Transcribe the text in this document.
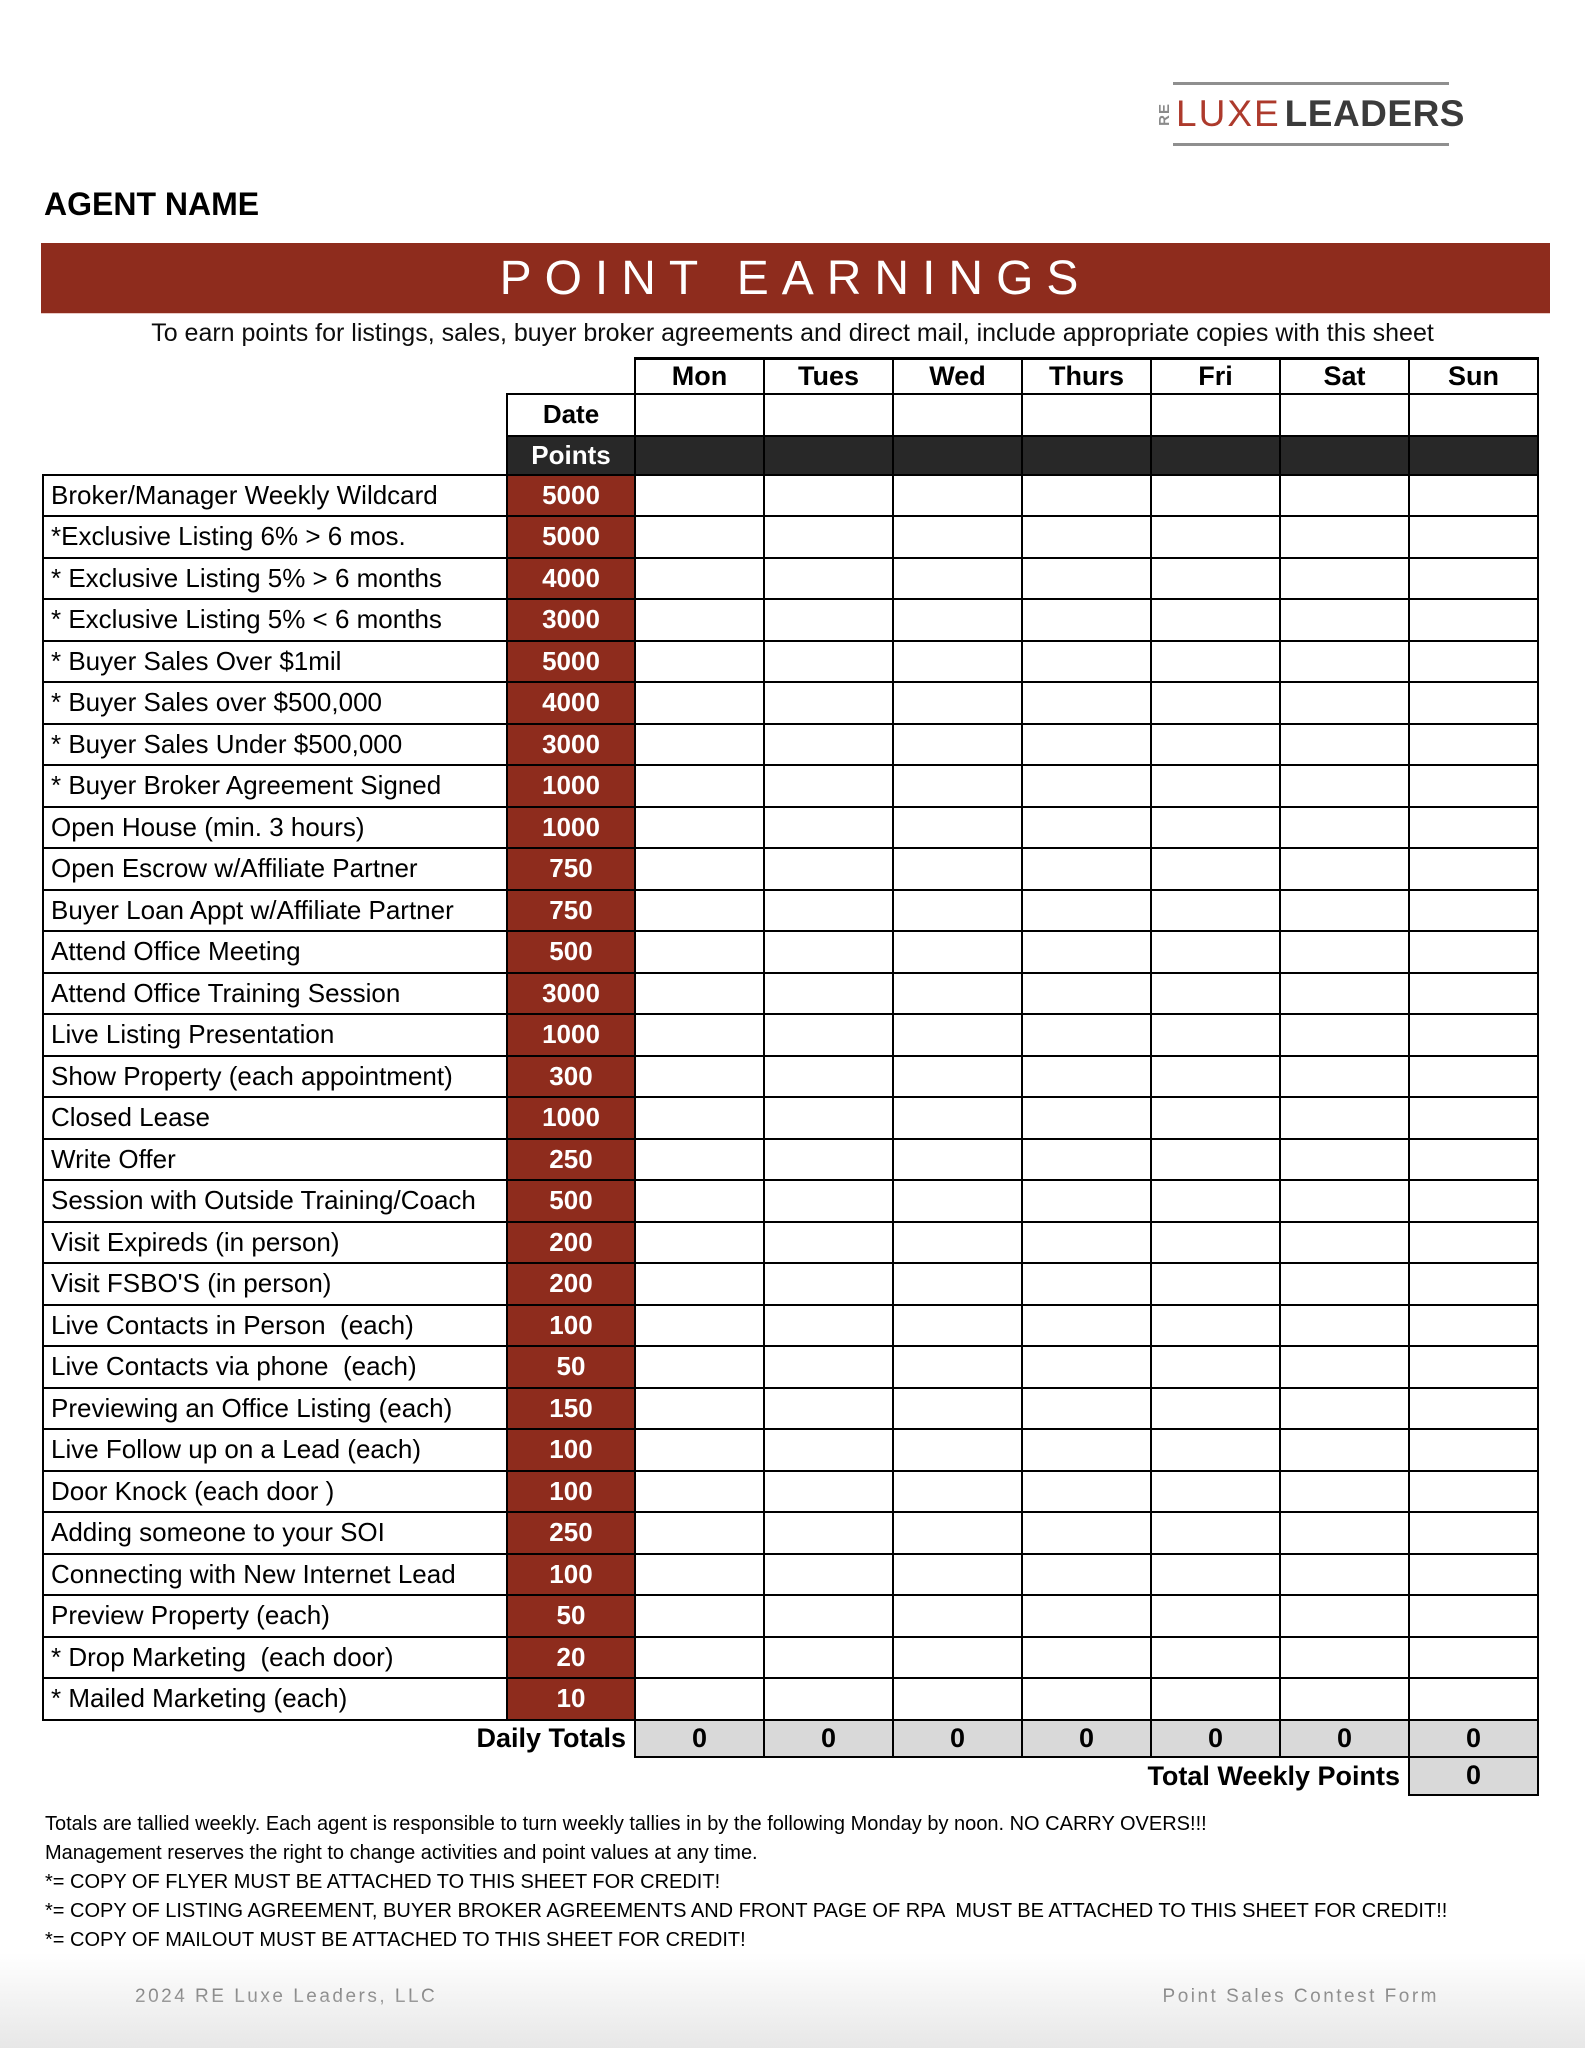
RE LUXE LEADERS
AGENT NAME
POINT EARNINGS
To earn points for listings, sales, buyer broker agreements and direct mail, include appropriate copies with this sheet
		Mon	Tues	Wed	Thurs	Fri	Sat	Sun
	Date							
	Points							
Broker/Manager Weekly Wildcard	5000							
*Exclusive Listing 6% > 6 mos.	5000							
* Exclusive Listing 5% > 6 months	4000							
* Exclusive Listing 5% < 6 months	3000							
* Buyer Sales Over $1mil	5000							
* Buyer Sales over $500,000	4000							
* Buyer Sales Under $500,000	3000							
* Buyer Broker Agreement Signed	1000							
Open House (min. 3 hours)	1000							
Open Escrow w/Affiliate Partner	750							
Buyer Loan Appt w/Affiliate Partner	750							
Attend Office Meeting	500							
Attend Office Training Session	3000							
Live Listing Presentation	1000							
Show Property (each appointment)	300							
Closed Lease	1000							
Write Offer	250							
Session with Outside Training/Coach	500							
Visit Expireds (in person)	200							
Visit FSBO'S (in person)	200							
Live Contacts in Person  (each)	100							
Live Contacts via phone  (each)	50							
Previewing an Office Listing (each)	150							
Live Follow up on a Lead (each)	100							
Door Knock (each door )	100							
Adding someone to your SOI	250							
Connecting with New Internet Lead	100							
Preview Property (each)	50							
* Drop Marketing  (each door)	20							
* Mailed Marketing (each)	10							
Daily Totals		0	0	0	0	0	0	0
Total Weekly Points								0
Totals are tallied weekly. Each agent is responsible to turn weekly tallies in by the following Monday by noon. NO CARRY OVERS!!!
Management reserves the right to change activities and point values at any time.
*= COPY OF FLYER MUST BE ATTACHED TO THIS SHEET FOR CREDIT!
*= COPY OF LISTING AGREEMENT, BUYER BROKER AGREEMENTS AND FRONT PAGE OF RPA  MUST BE ATTACHED TO THIS SHEET FOR CREDIT!!
*= COPY OF MAILOUT MUST BE ATTACHED TO THIS SHEET FOR CREDIT!
2024 RE Luxe Leaders, LLC	Point Sales Contest Form
